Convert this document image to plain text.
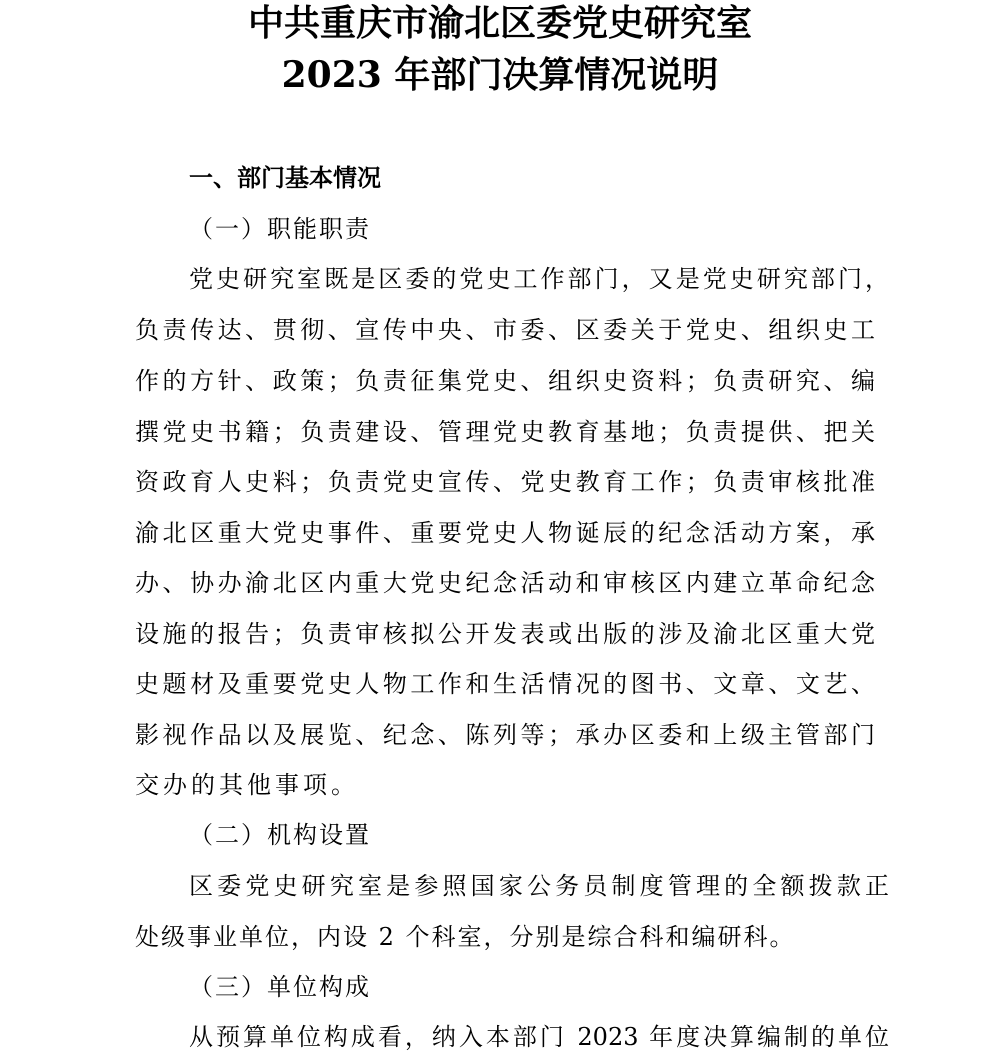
中共重庆市渝北区委党史研究室
2023 年部门决算情况说明
一、部门基本情况
（一）职能职责
党史研究室既是区委的党史工作部门，又是党史研究部门，
负责传达、贯彻、宣传中央、市委、区委关于党史、组织史工
作的方针、政策；负责征集党史、组织史资料；负责研究、编
撰党史书籍；负责建设、管理党史教育基地；负责提供、把关
资政育人史料；负责党史宣传、党史教育工作；负责审核批准
渝北区重大党史事件、重要党史人物诞辰的纪念活动方案，承
办、协办渝北区内重大党史纪念活动和审核区内建立革命纪念
设施的报告；负责审核拟公开发表或出版的涉及渝北区重大党
史题材及重要党史人物工作和生活情况的图书、文章、文艺、
影视作品以及展览、纪念、陈列等；承办区委和上级主管部门
交办的其他事项。
（二）机构设置
区委党史研究室是参照国家公务员制度管理的全额拨款正
处级事业单位，内设 2 个科室，分别是综合科和编研科。
（三）单位构成
从预算单位构成看，纳入本部门 2023 年度决算编制的单位
